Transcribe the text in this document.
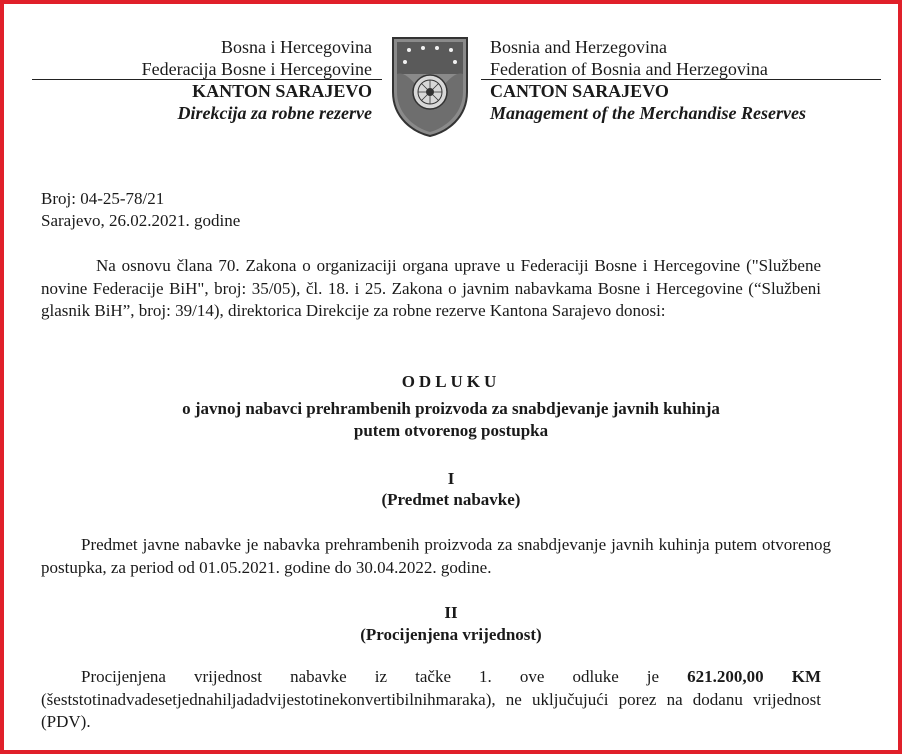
Bosna i Hercegovina
Federacija Bosne i Hercegovine
KANTON SARAJEVO
Direkcija za robne rezerve
Bosnia and Herzegovina
Federation of Bosnia and Herzegovina
CANTON SARAJEVO
Management of the Merchandise Reserves
Broj: 04-25-78/21
Sarajevo, 26.02.2021. godine
Na osnovu člana 70. Zakona o organizaciji organa uprave u Federaciji Bosne i Hercegovine ("Službene novine Federacije BiH", broj: 35/05), čl. 18. i 25. Zakona o javnim nabavkama Bosne i Hercegovine (“Službeni glasnik BiH”, broj: 39/14), direktorica Direkcije za robne rezerve Kantona Sarajevo donosi:
ODLUKU
o javnoj nabavci prehrambenih proizvoda za snabdjevanje javnih kuhinja
putem otvorenog postupka
I
(Predmet nabavke)
Predmet javne nabavke je nabavka prehrambenih proizvoda za snabdjevanje javnih kuhinja putem otvorenog postupka, za period od 01.05.2021. godine do 30.04.2022. godine.
II
(Procijenjena vrijednost)
Procijenjena vrijednost nabavke iz tačke 1. ove odluke je 621.200,00 KM (šeststotinadvadesetjednahiljadadvijestotinekonvertibilnihmaraka), ne uključujući porez na dodanu vrijednost (PDV).
